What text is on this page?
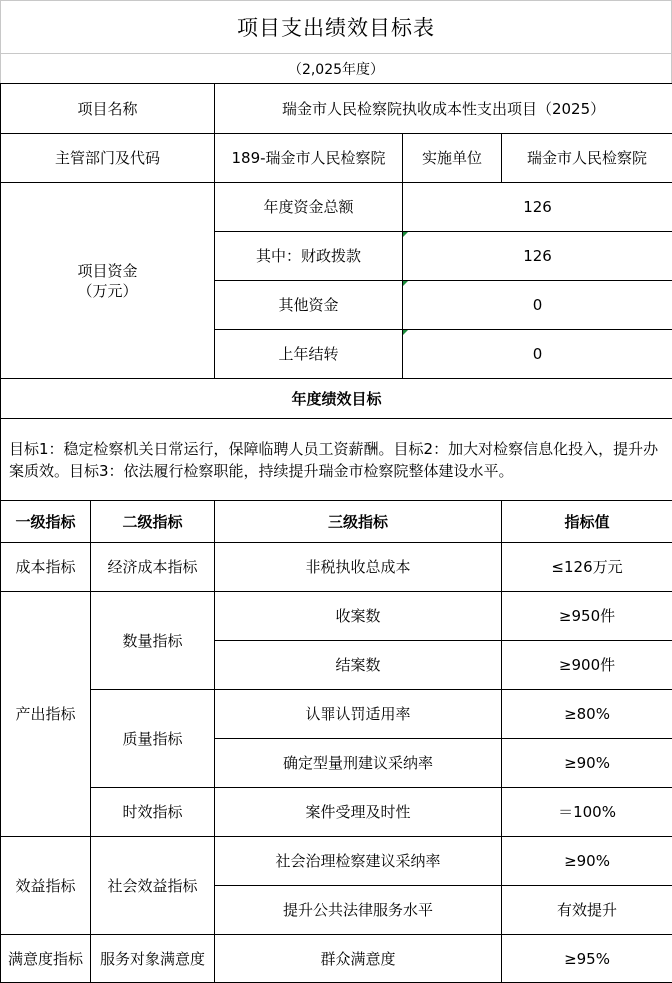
项目支出绩效目标表
（2,025年度）
项目名称		瑞金市人民检察院执收成本性支出项目（2025）		
主管部门及代码		189-瑞金市人民检察院	实施单位	瑞金市人民检察院

项目资金
（万元）		年度资金总额	126	
		其中：财政拨款	126	
		其他资金	0	
		上年结转	0	
年度绩效目标				
目标1：稳定检察机关日常运行，保障临聘人员工资薪酬。目标2：加大对检察信息化投入，提升办案质效。目标3：依法履行检察职能，持续提升瑞金市检察院整体建设水平。				
一级指标	二级指标	三级指标		指标值
成本指标	经济成本指标	非税执收总成本		≤126万元
产出指标	数量指标	收案数		≥950件
		结案数		≥900件
	质量指标	认罪认罚适用率		≥80%
		确定型量刑建议采纳率		≥90%
	时效指标	案件受理及时性		＝100%
效益指标	社会效益指标	社会治理检察建议采纳率		≥90%
		提升公共法律服务水平		有效提升
满意度指标	服务对象满意度	群众满意度		≥95%
